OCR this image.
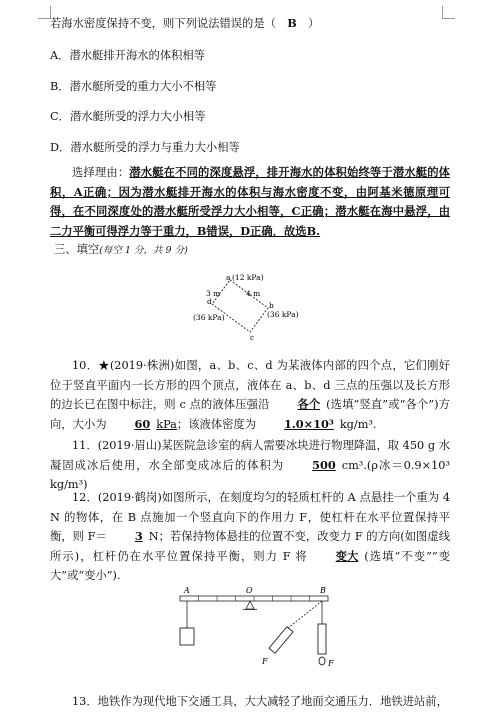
若海水密度保持不变，则下列说法错误的是（　B　）
A．潜水艇排开海水的体积相等
B．潜水艇所受的重力大小不相等
C．潜水艇所受的浮力大小相等
D．潜水艇所受的浮力与重力大小相等
选择理由：潜水艇在不同的深度悬浮，排开海水的体积始终等于潜水艇的体积，A正确；因为潜水艇排开海水的体积与海水密度不变，由阿基米德原理可得，在不同深度处的潜水艇所受浮力大小相等，C正确；潜水艇在海中悬浮，由二力平衡可得浮力等于重力，B错误，D正确．故选B.
三、填空(每空 1 分，共 9 分)
a (12 kPa)
b
(36 kPa)
c
d
(36 kPa)
3 m	4 m
10．★(2019·株洲)如图，a、b、c、d 为某液体内部的四个点，它们刚好位于竖直平面内一长方形的四个顶点，液体在 a、b、d 三点的压强以及长方形的边长已在图中标注，则 c 点的液体压强沿 各个 (选填“竖直”或“各个”)方向，大小为 60 kPa；该液体密度为 1.0×10³ kg/m³.
11．(2019·眉山)某医院急诊室的病人需要冰块进行物理降温，取 450 g 水凝固成冰后使用，水全部变成冰后的体积为 500 cm³.(ρ冰＝0.9×10³ kg/m³)
12．(2019·鹤岗)如图所示，在刻度均匀的轻质杠杆的 A 点悬挂一个重为 4 N 的物体，在 B 点施加一个竖直向下的作用力 F，使杠杆在水平位置保持平衡，则 F＝ 3 N；若保持物体悬挂的位置不变，改变力 F 的方向(如图虚线所示)，杠杆仍在水平位置保持平衡，则力 F 将 变大 (选填“不变”“变大”或“变小”).
A	O	B
F	F
13．地铁作为现代地下交通工具，大大减轻了地面交通压力．地铁进站前，
